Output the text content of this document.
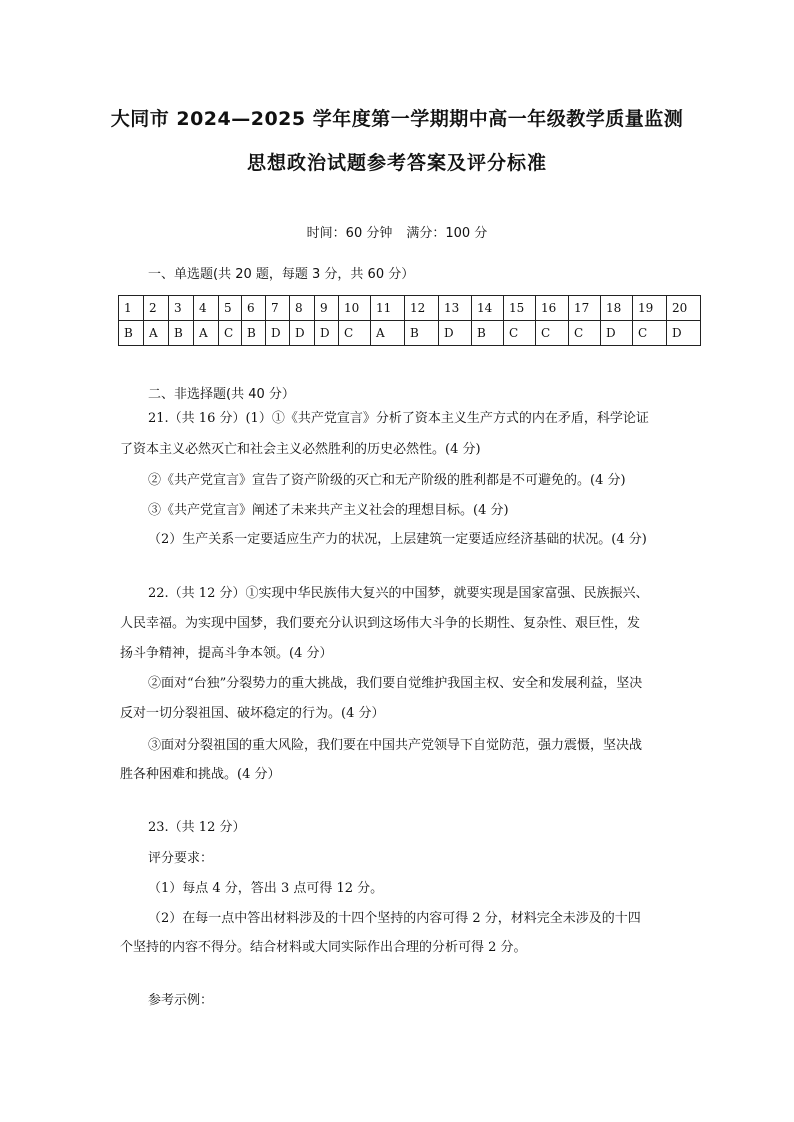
大同市 2024—2025 学年度第一学期期中高一年级教学质量监测
思想政治试题参考答案及评分标准
时间：60 分钟 满分：100 分
一、单选题(共 20 题，每题 3 分，共 60 分）
1	2	3	4	5	6	7	8	9	10	11	12	13	14	15	16	17	18	19	20
B	A	B	A	C	B	D	D	D	C	A	B	D	B	C	C	C	D	C	D
二、非选择题(共 40 分）
21.（共 16 分）(1）①《共产党宣言》分析了资本主义生产方式的内在矛盾，科学论证
了资本主义必然灭亡和社会主义必然胜利的历史必然性。(4 分)
②《共产党宣言》宣告了资产阶级的灭亡和无产阶级的胜利都是不可避免的。(4 分)
③《共产党宣言》阐述了未来共产主义社会的理想目标。(4 分)
（2）生产关系一定要适应生产力的状况，上层建筑一定要适应经济基础的状况。(4 分)
22.（共 12 分）①实现中华民族伟大复兴的中国梦，就要实现是国家富强、民族振兴、
人民幸福。为实现中国梦，我们要充分认识到这场伟大斗争的长期性、复杂性、艰巨性，发
扬斗争精神，提高斗争本领。(4 分）
②面对“台独”分裂势力的重大挑战，我们要自觉维护我国主权、安全和发展利益，坚决
反对一切分裂祖国、破坏稳定的行为。(4 分）
③面对分裂祖国的重大风险，我们要在中国共产党领导下自觉防范，强力震慑，坚决战
胜各种困难和挑战。(4 分）
23.（共 12 分）
评分要求：
（1）每点 4 分，答出 3 点可得 12 分。
（2）在每一点中答出材料涉及的十四个坚持的内容可得 2 分，材料完全未涉及的十四
个坚持的内容不得分。结合材料或大同实际作出合理的分析可得 2 分。
参考示例：
